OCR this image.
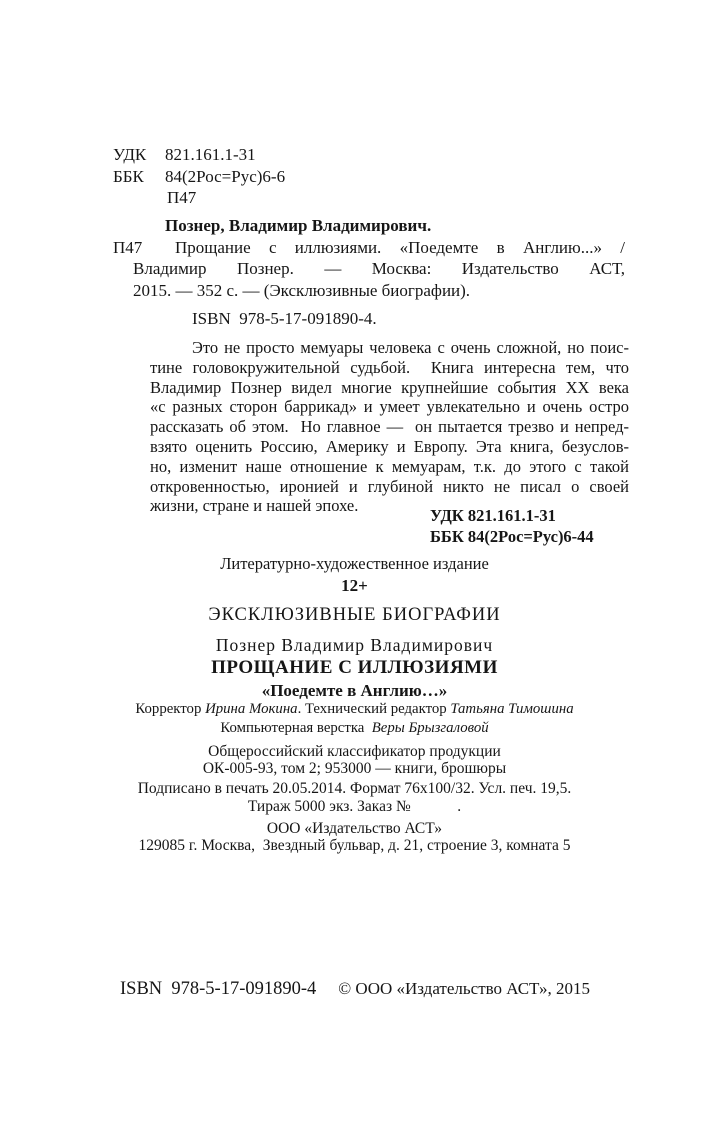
УДК 821.161.1-31
ББК 84(2Рос=Рус)6-6
П47
Познер, Владимир Владимирович.
П47	Прощание с иллюзиями. «Поедемте в Англию...» /
Владимир Познер. — Москва: Издательство АСТ,
2015. — 352 с. — (Эксклюзивные биографии).
ISBN  978-5-17-091890-4.
Это не просто мемуары человека с очень сложной, но поис-
тине головокружительной судьбой.  Книга интересна тем, что
Владимир Познер видел многие крупнейшие события XX века
«с разных сторон баррикад» и умеет увлекательно и очень остро
рассказать об этом.  Но главное —  он пытается трезво и непред-
взято оценить Россию, Америку и Европу. Эта книга, безуслов-
но, изменит наше отношение к мемуарам, т.к. до этого с такой
откровенностью, иронией и глубиной никто не писал о своей
жизни, стране и нашей эпохе.
УДК 821.161.1-31
ББК 84(2Рос=Рус)6-44
Литературно-художественное издание
12+
ЭКСКЛЮЗИВНЫЕ БИОГРАФИИ
Познер Владимир Владимирович
ПРОЩАНИЕ С ИЛЛЮЗИЯМИ
«Поедемте в Англию…»
Корректор Ирина Мокина. Технический редактор Татьяна Тимошина
Компьютерная верстка  Веры Брызгаловой
Общероссийский классификатор продукции
ОК-005-93, том 2; 953000 — книги, брошюры
Подписано в печать 20.05.2014. Формат 76х100/32. Усл. печ. 19,5.
Тираж 5000 экз. Заказ №            .
ООО «Издательство АСТ»
129085 г. Москва,  Звездный бульвар, д. 21, строение 3, комната 5
ISBN  978-5-17-091890-4 © ООО «Издательство АСТ», 2015
